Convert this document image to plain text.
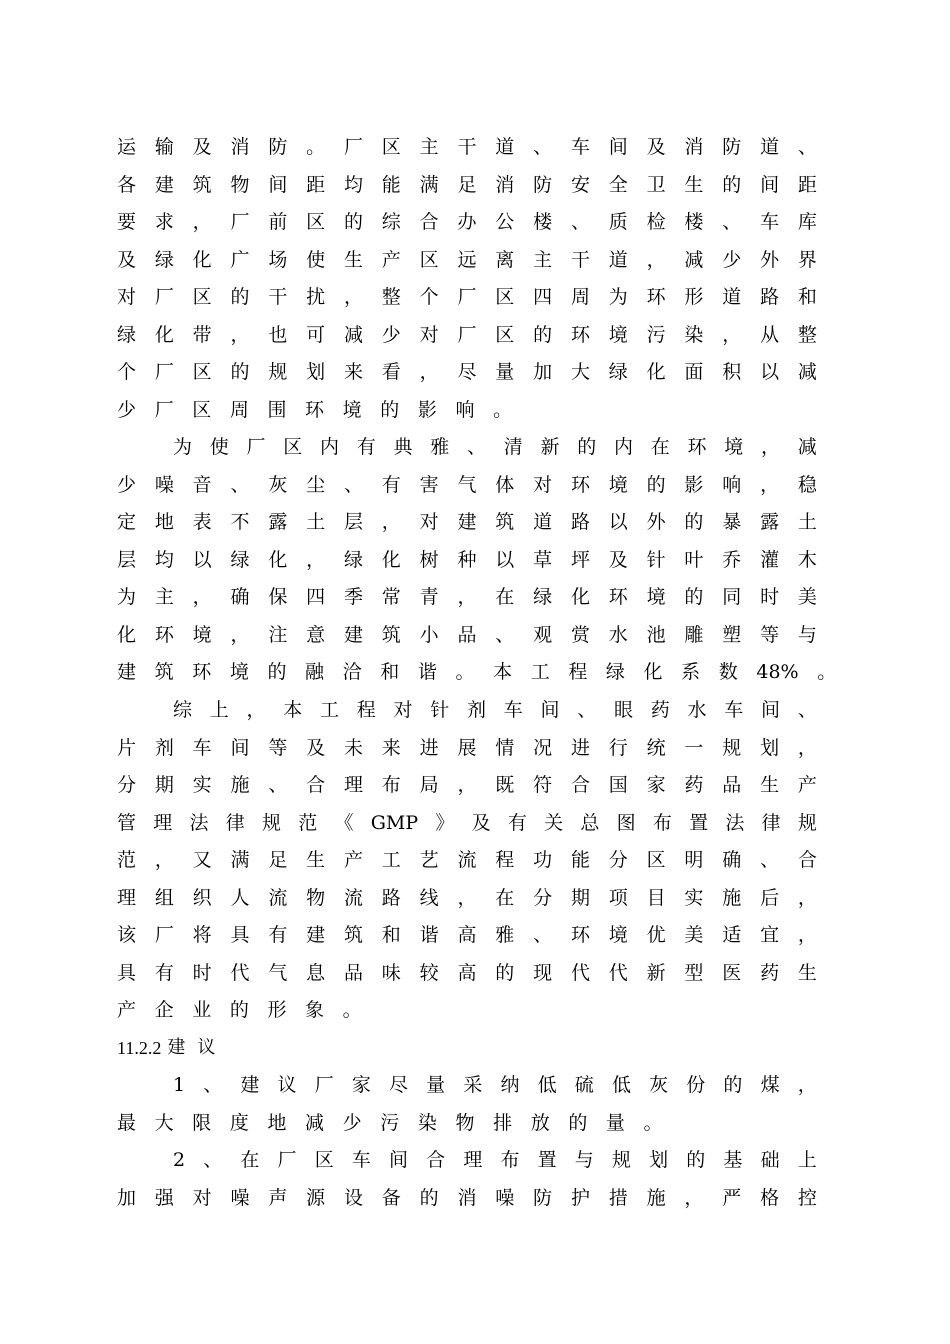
运 输 及 消 防 。 厂 区 主 干 道 、 车 间 及 消 防 道 、
各 建 筑 物 间 距 均 能 满 足 消 防 安 全 卫 生 的 间 距
要 求 ， 厂 前 区 的 综 合 办 公 楼 、 质 检 楼 、 车 库
及 绿 化 广 场 使 生 产 区 远 离 主 干 道 ， 减 少 外 界
对 厂 区 的 干 扰 ， 整 个 厂 区 四 周 为 环 形 道 路 和
绿 化 带 ， 也 可 减 少 对 厂 区 的 环 境 污 染 ， 从 整
个 厂 区 的 规 划 来 看 ， 尽 量 加 大 绿 化 面 积 以 减
少 厂 区 周 围 环 境 的 影 响 。
为 使 厂 区 内 有 典 雅 、 清 新 的 内 在 环 境 ， 减
少 噪 音 、 灰 尘 、 有 害 气 体 对 环 境 的 影 响 ， 稳
定 地 表 不 露 土 层 ， 对 建 筑 道 路 以 外 的 暴 露 土
层 均 以 绿 化 ， 绿 化 树 种 以 草 坪 及 针 叶 乔 灌 木
为 主 ， 确 保 四 季 常 青 ， 在 绿 化 环 境 的 同 时 美
化 环 境 ， 注 意 建 筑 小 品 、 观 赏 水 池 雕 塑 等 与
建 筑 环 境 的 融 洽 和 谐 。 本 工 程 绿 化 系 数 48% 。
综 上 ， 本 工 程 对 针 剂 车 间 、 眼 药 水 车 间 、
片 剂 车 间 等 及 未 来 进 展 情 况 进 行 统 一 规 划 ，
分 期 实 施 、 合 理 布 局 ， 既 符 合 国 家 药 品 生 产
管 理 法 律 规 范 《 GMP 》 及 有 关 总 图 布 置 法 律 规
范 ， 又 满 足 生 产 工 艺 流 程 功 能 分 区 明 确 、 合
理 组 织 人 流 物 流 路 线 ， 在 分 期 项 目 实 施 后 ，
该 厂 将 具 有 建 筑 和 谐 高 雅 、 环 境 优 美 适 宜 ，
具 有 时 代 气 息 品 味 较 高 的 现 代 代 新 型 医 药 生
产 企 业 的 形 象 。
11.2.2 建 议
1 、 建 议 厂 家 尽 量 采 纳 低 硫 低 灰 份 的 煤 ，
最 大 限 度 地 减 少 污 染 物 排 放 的 量 。
2 、 在 厂 区 车 间 合 理 布 置 与 规 划 的 基 础 上
加 强 对 噪 声 源 设 备 的 消 噪 防 护 措 施 ， 严 格 控
